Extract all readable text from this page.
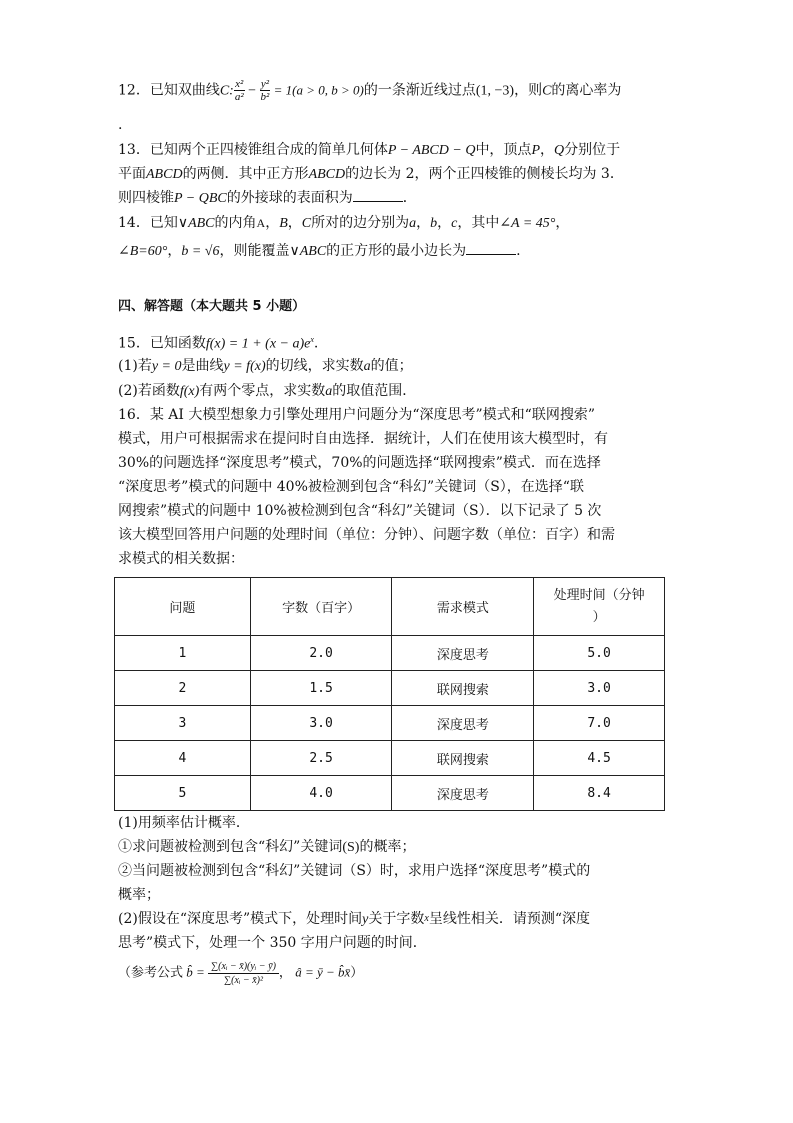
12．已知双曲线C: $\frac{\text{x²}}{\text{a²}} - \frac{\text{y²}}{\text{b²}} = 1(a > 0$, b > 0)的一条渐近线过点(1, −3)，则C的离心率为
.
13．已知两个正四棱锥组合成的简单几何体P − ABCD − Q中，顶点P，Q分别位于
平面ABCD的两侧．其中正方形ABCD的边长为 2，两个正四棱锥的侧棱长均为 3．
则四棱锥P − QBC的外接球的表面积为	．
14．已知∨ABC的内角A，B，C所对的边分别为a，b，c，其中∠A = 45°，
∠B=60°，b = √6，则能覆盖∨ABC的正方形的最小边长为	.
四、解答题（本大题共 5 小题）
15．已知函数$f(x) = 1 + (x - a)e^x$.
(1)若y = 0是曲线y = f(x)的切线，求实数a的值；
(2)若函数f(x)有两个零点，求实数a的取值范围．
16．某 AI 大模型想象力引擎处理用户问题分为“深度思考”模式和“联网搜索”
模式，用户可根据需求在提问时自由选择．据统计，人们在使用该大模型时，有
30%的问题选择“深度思考”模式，70%的问题选择“联网搜索”模式．而在选择
“深度思考”模式的问题中 40%被检测到包含“科幻”关键词（S），在选择“联
网搜索”模式的问题中 10%被检测到包含“科幻”关键词（S）．以下记录了 5 次
该大模型回答用户问题的处理时间（单位：分钟）、问题字数（单位：百字）和需
求模式的相关数据：
问题	字数（百字）	需求模式	处理时间（分钟
）

1	2.0	深度思考	5.0
2	1.5	联网搜索	3.0
3	3.0	深度思考	7.0
4	2.5	联网搜索	4.5
5	4.0	深度思考	8.4
(1)用频率估计概率．
①求问题被检测到包含“科幻”关键词(S)的概率；
②当问题被检测到包含“科幻”关键词（S）时，求用户选择“深度思考”模式的
概率；
(2)假设在“深度思考”模式下，处理时间y关于字数$^x$呈线性相关．请预测“深度
思考”模式下，处理一个 350 字用户问题的时间．
（参考公式 b̂ = $\frac{\text{∑(xᵢ − x̄)(yᵢ − ȳ)}}{\text{∑(xᵢ − x̄)²}}$ ， â = ȳ − b̂x̄）
